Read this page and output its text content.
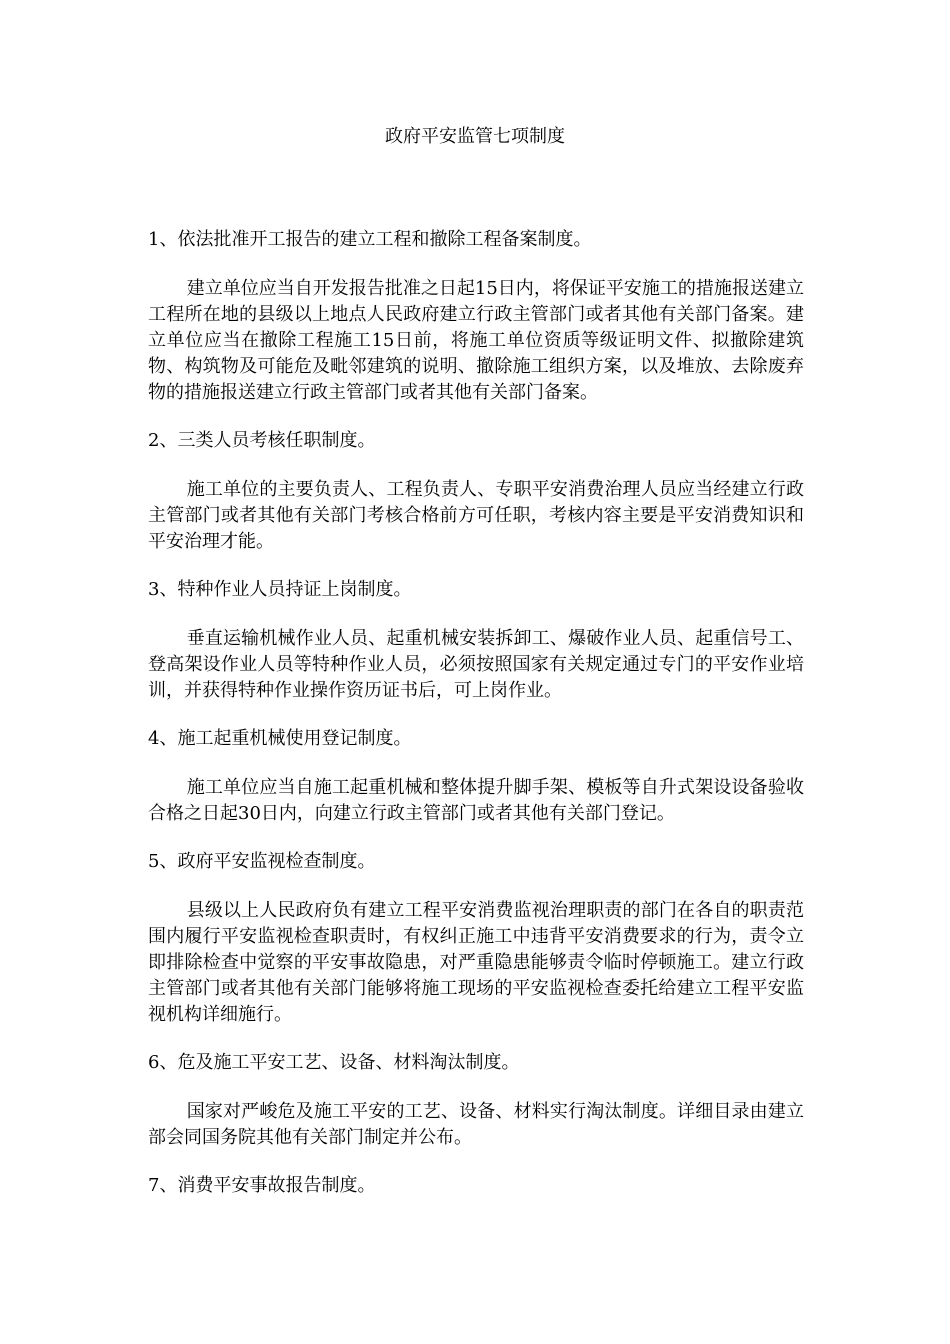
政府平安监管七项制度

1、依法批准开工报告的建立工程和撤除工程备案制度。

建立单位应当自开发报告批准之日起15日内，将保证平安施工的措施报送建立工程所在地的县级以上地点人民政府建立行政主管部门或者其他有关部门备案。建立单位应当在撤除工程施工15日前，将施工单位资质等级证明文件、拟撤除建筑物、构筑物及可能危及毗邻建筑的说明、撤除施工组织方案，以及堆放、去除废弃物的措施报送建立行政主管部门或者其他有关部门备案。

2、三类人员考核任职制度。

施工单位的主要负责人、工程负责人、专职平安消费治理人员应当经建立行政主管部门或者其他有关部门考核合格前方可任职，考核内容主要是平安消费知识和平安治理才能。

3、特种作业人员持证上岗制度。

垂直运输机械作业人员、起重机械安装拆卸工、爆破作业人员、起重信号工、登高架设作业人员等特种作业人员，必须按照国家有关规定通过专门的平安作业培训，并获得特种作业操作资历证书后，可上岗作业。

4、施工起重机械使用登记制度。

施工单位应当自施工起重机械和整体提升脚手架、模板等自升式架设设备验收合格之日起30日内，向建立行政主管部门或者其他有关部门登记。

5、政府平安监视检查制度。

县级以上人民政府负有建立工程平安消费监视治理职责的部门在各自的职责范围内履行平安监视检查职责时，有权纠正施工中违背平安消费要求的行为，责令立即排除检查中觉察的平安事故隐患，对严重隐患能够责令临时停顿施工。建立行政主管部门或者其他有关部门能够将施工现场的平安监视检查委托给建立工程平安监视机构详细施行。

6、危及施工平安工艺、设备、材料淘汰制度。

国家对严峻危及施工平安的工艺、设备、材料实行淘汰制度。详细目录由建立部会同国务院其他有关部门制定并公布。

7、消费平安事故报告制度。
